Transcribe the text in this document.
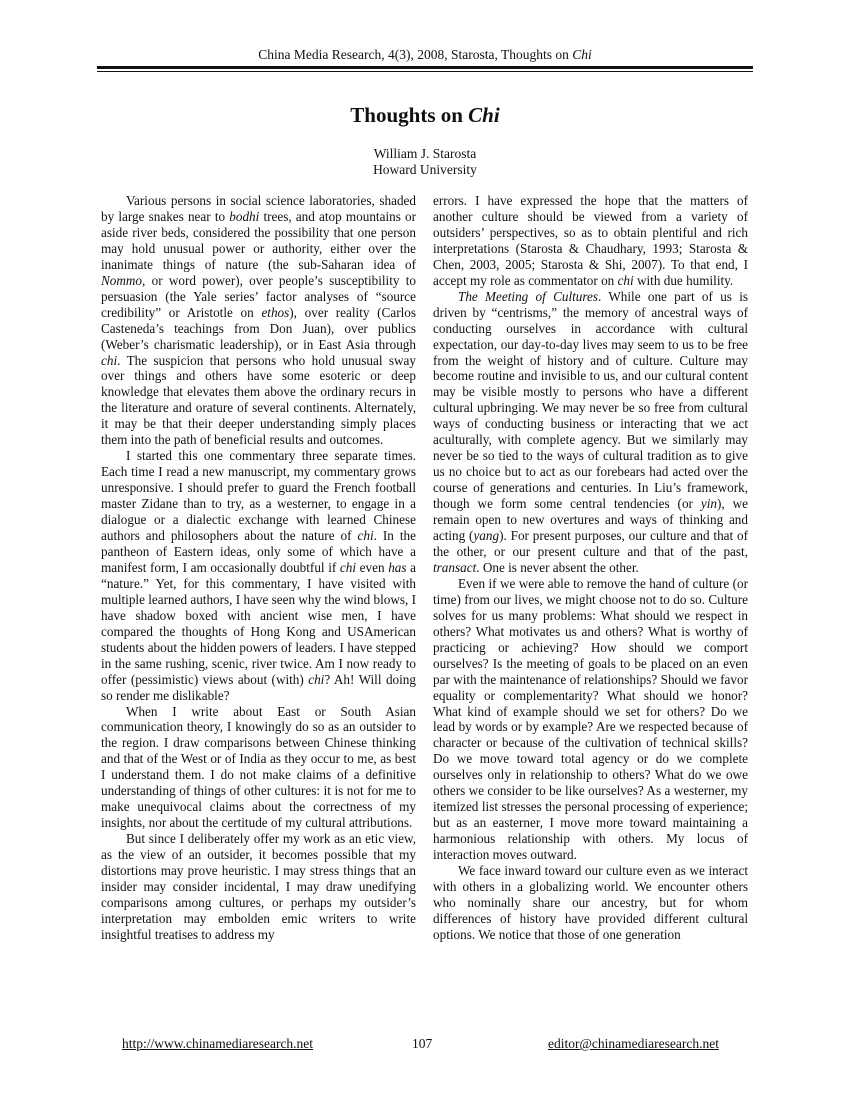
China Media Research, 4(3), 2008, Starosta, Thoughts on Chi
Thoughts on Chi
William J. Starosta
Howard University

Various persons in social science laboratories, shaded by large snakes near to bodhi trees, and atop mountains or aside river beds, considered the possibility that one person may hold unusual power or authority, either over the inanimate things of nature (the sub-Saharan idea of Nommo, or word power), over people’s susceptibility to persuasion (the Yale series’ factor analyses of “source credibility” or Aristotle on ethos), over reality (Carlos Casteneda’s teachings from Don Juan), over publics (Weber’s charismatic leadership), or in East Asia through chi. The suspicion that persons who hold unusual sway over things and others have some esoteric or deep knowledge that elevates them above the ordinary recurs in the literature and orature of several continents. Alternately, it may be that their deeper understanding simply places them into the path of beneficial results and outcomes.

I started this one commentary three separate times. Each time I read a new manuscript, my commentary grows unresponsive. I should prefer to guard the French football master Zidane than to try, as a westerner, to engage in a dialogue or a dialectic exchange with learned Chinese authors and philosophers about the nature of chi. In the pantheon of Eastern ideas, only some of which have a manifest form, I am occasionally doubtful if chi even has a “nature.” Yet, for this commentary, I have visited with multiple learned authors, I have seen why the wind blows, I have shadow boxed with ancient wise men, I have compared the thoughts of Hong Kong and USAmerican students about the hidden powers of leaders. I have stepped in the same rushing, scenic, river twice. Am I now ready to offer (pessimistic) views about (with) chi? Ah! Will doing so render me dislikable?

When I write about East or South Asian communication theory, I knowingly do so as an outsider to the region. I draw comparisons between Chinese thinking and that of the West or of India as they occur to me, as best I understand them. I do not make claims of a definitive understanding of things of other cultures: it is not for me to make unequivocal claims about the correctness of my insights, nor about the certitude of my cultural attributions.

But since I deliberately offer my work as an etic view, as the view of an outsider, it becomes possible that my distortions may prove heuristic. I may stress things that an insider may consider incidental, I may draw unedifying comparisons among cultures, or perhaps my outsider’s interpretation may embolden emic writers to write insightful treatises to address my

errors. I have expressed the hope that the matters of another culture should be viewed from a variety of outsiders’ perspectives, so as to obtain plentiful and rich interpretations (Starosta & Chaudhary, 1993; Starosta & Chen, 2003, 2005; Starosta & Shi, 2007). To that end, I accept my role as commentator on chi with due humility.

The Meeting of Cultures. While one part of us is driven by “centrisms,” the memory of ancestral ways of conducting ourselves in accordance with cultural expectation, our day-to-day lives may seem to us to be free from the weight of history and of culture. Culture may become routine and invisible to us, and our cultural content may be visible mostly to persons who have a different cultural upbringing. We may never be so free from cultural ways of conducting business or interacting that we act aculturally, with complete agency. But we similarly may never be so tied to the ways of cultural tradition as to give us no choice but to act as our forebears had acted over the course of generations and centuries. In Liu’s framework, though we form some central tendencies (or yin), we remain open to new overtures and ways of thinking and acting (yang). For present purposes, our culture and that of the other, or our present culture and that of the past, transact. One is never absent the other.

Even if we were able to remove the hand of culture (or time) from our lives, we might choose not to do so. Culture solves for us many problems: What should we respect in others? What motivates us and others? What is worthy of practicing or achieving? How should we comport ourselves? Is the meeting of goals to be placed on an even par with the maintenance of relationships? Should we favor equality or complementarity? What should we honor? What kind of example should we set for others? Do we lead by words or by example? Are we respected because of character or because of the cultivation of technical skills? Do we move toward total agency or do we complete ourselves only in relationship to others? What do we owe others we consider to be like ourselves? As a westerner, my itemized list stresses the personal processing of experience; but as an easterner, I move more toward maintaining a harmonious relationship with others. My locus of interaction moves outward.

We face inward toward our culture even as we interact with others in a globalizing world. We encounter others who nominally share our ancestry, but for whom differences of history have provided different cultural options. We notice that those of one generation

http://www.chinamediaresearch.net	107	editor@chinamediaresearch.net
